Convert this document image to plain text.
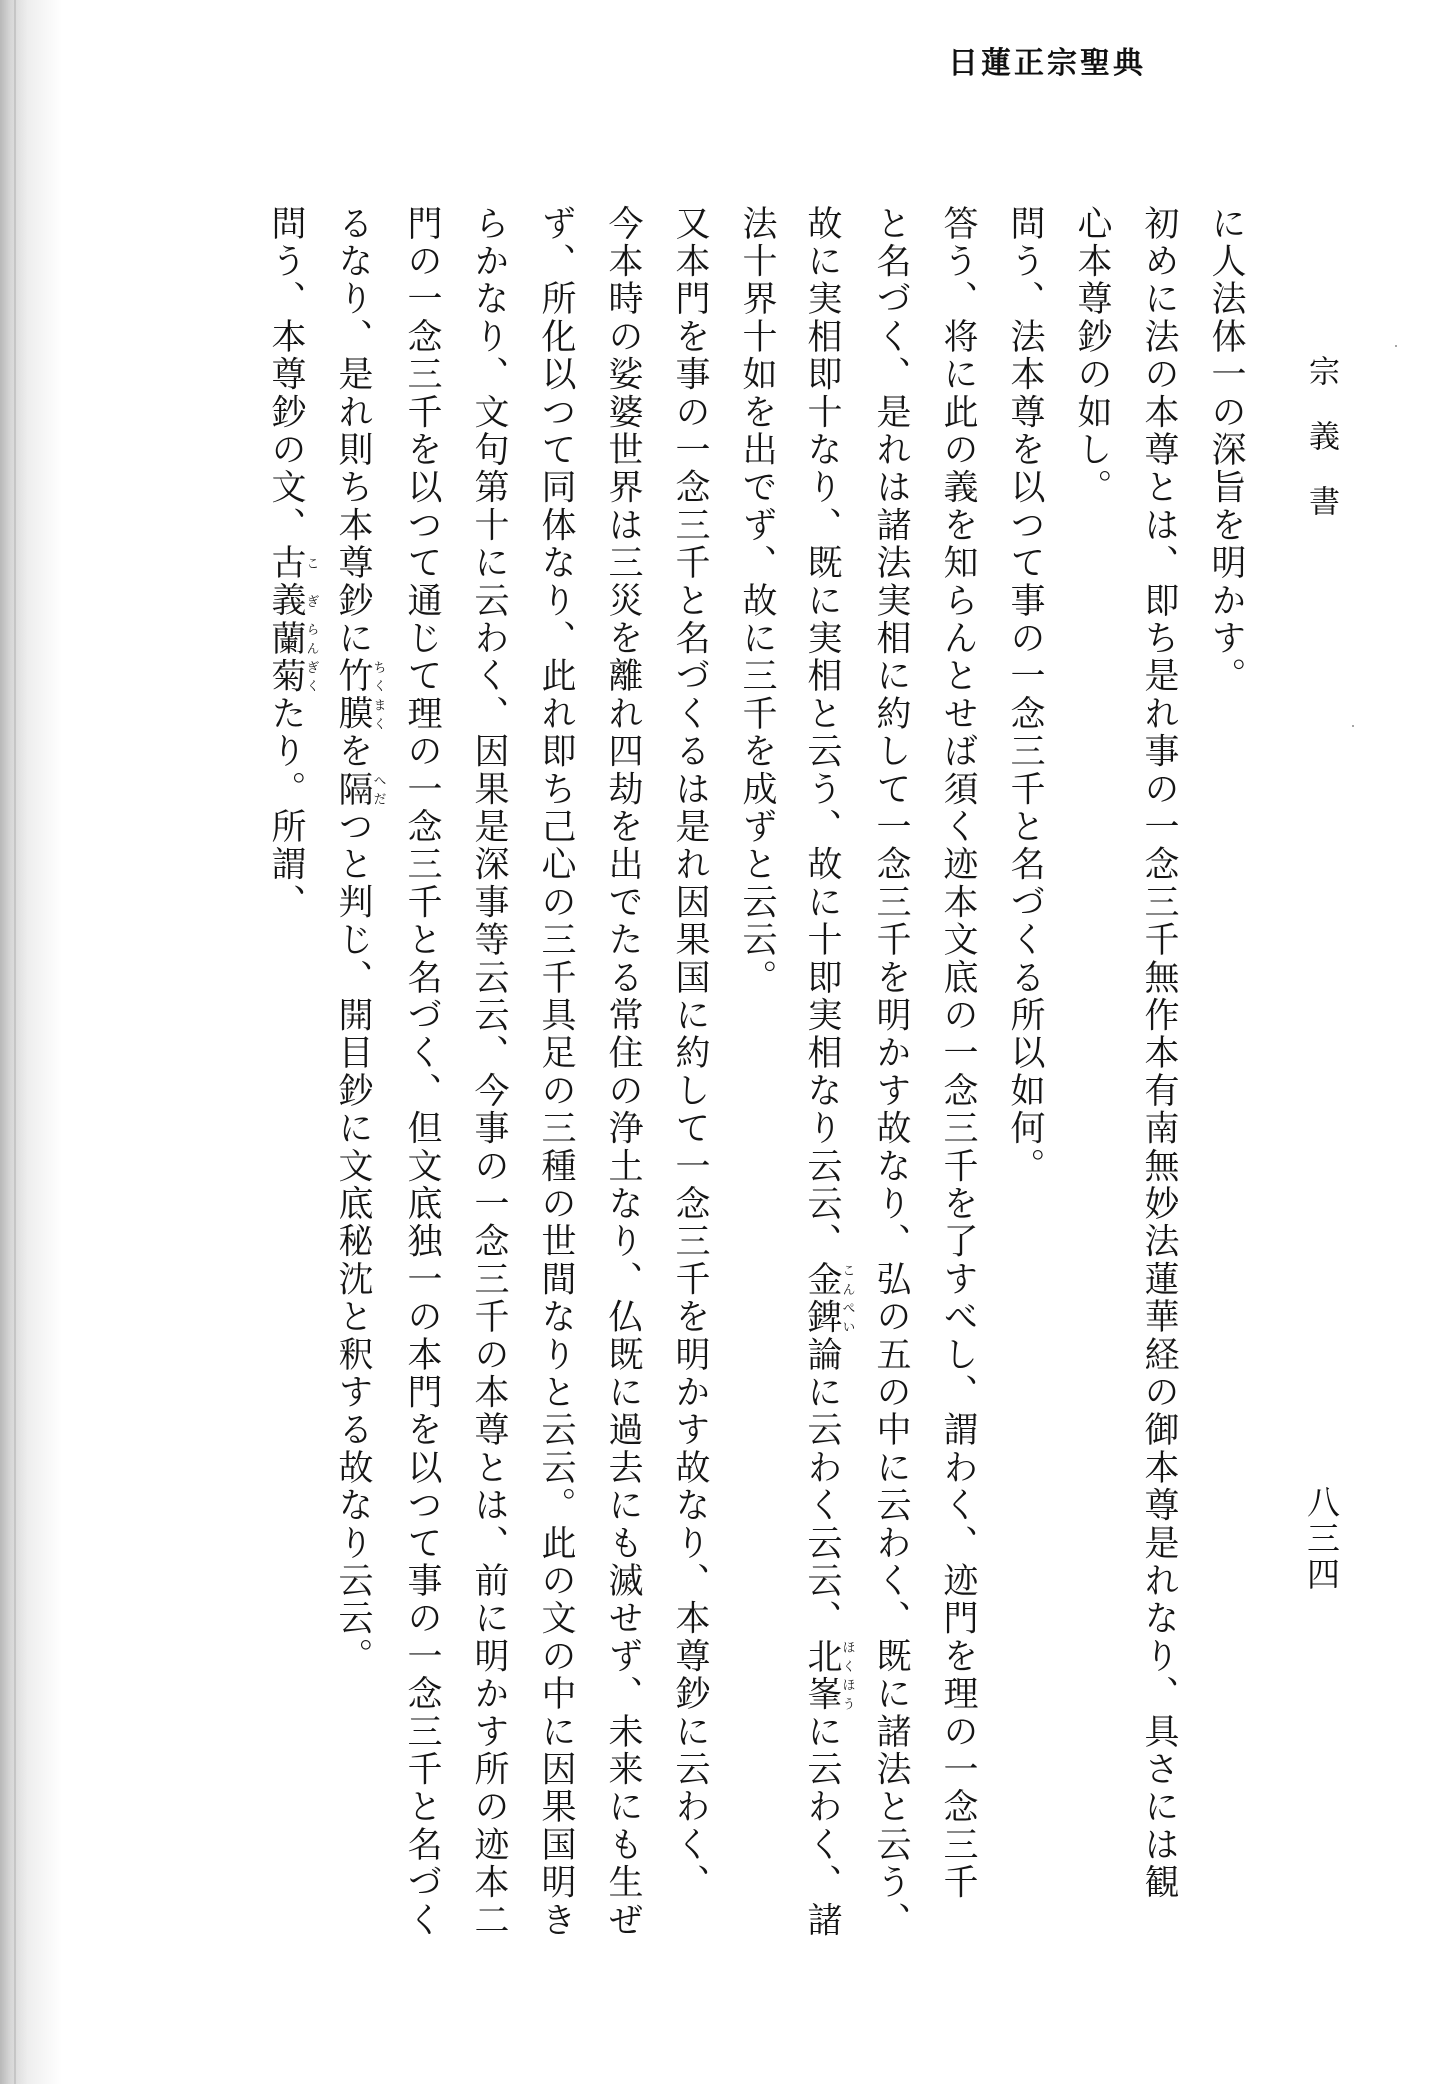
日蓮正宗聖典
宗義書
八三四
に人法体一の深旨を明かす。
初めに法の本尊とは、即ち是れ事の一念三千無作本有南無妙法蓮華経の御本尊是れなり、具さには観
心本尊鈔の如し。
問う、法本尊を以つて事の一念三千と名づくる所以如何。
答う、将に此の義を知らんとせば須く迹本文底の一念三千を了すべし、謂わく、迹門を理の一念三千
と名づく、是れは諸法実相に約して一念三千を明かす故なり、弘の五の中に云わく、既に諸法と云う、
故に実相即十なり、既に実相と云う、故に十即実相なり云云、金錍こんぺい論に云わく云云、北峯ほくほうに云わく、諸
法十界十如を出でず、故に三千を成ずと云云。
又本門を事の一念三千と名づくるは是れ因果国に約して一念三千を明かす故なり、本尊鈔に云わく、
今本時の娑婆世界は三災を離れ四劫を出でたる常住の浄土なり、仏既に過去にも滅せず、未来にも生ぜ
ず、所化以つて同体なり、此れ即ち己心の三千具足の三種の世間なりと云云。此の文の中に因果国明き
らかなり、文句第十に云わく、因果是深事等云云、今事の一念三千の本尊とは、前に明かす所の迹本二
門の一念三千を以つて通じて理の一念三千と名づく、但文底独一の本門を以つて事の一念三千と名づく
るなり、是れ則ち本尊鈔に竹膜ちくまくを隔へだつと判じ、開目鈔に文底秘沈と釈する故なり云云。
問う、本尊鈔の文、古義こぎ蘭菊らんぎくたり。所謂、
